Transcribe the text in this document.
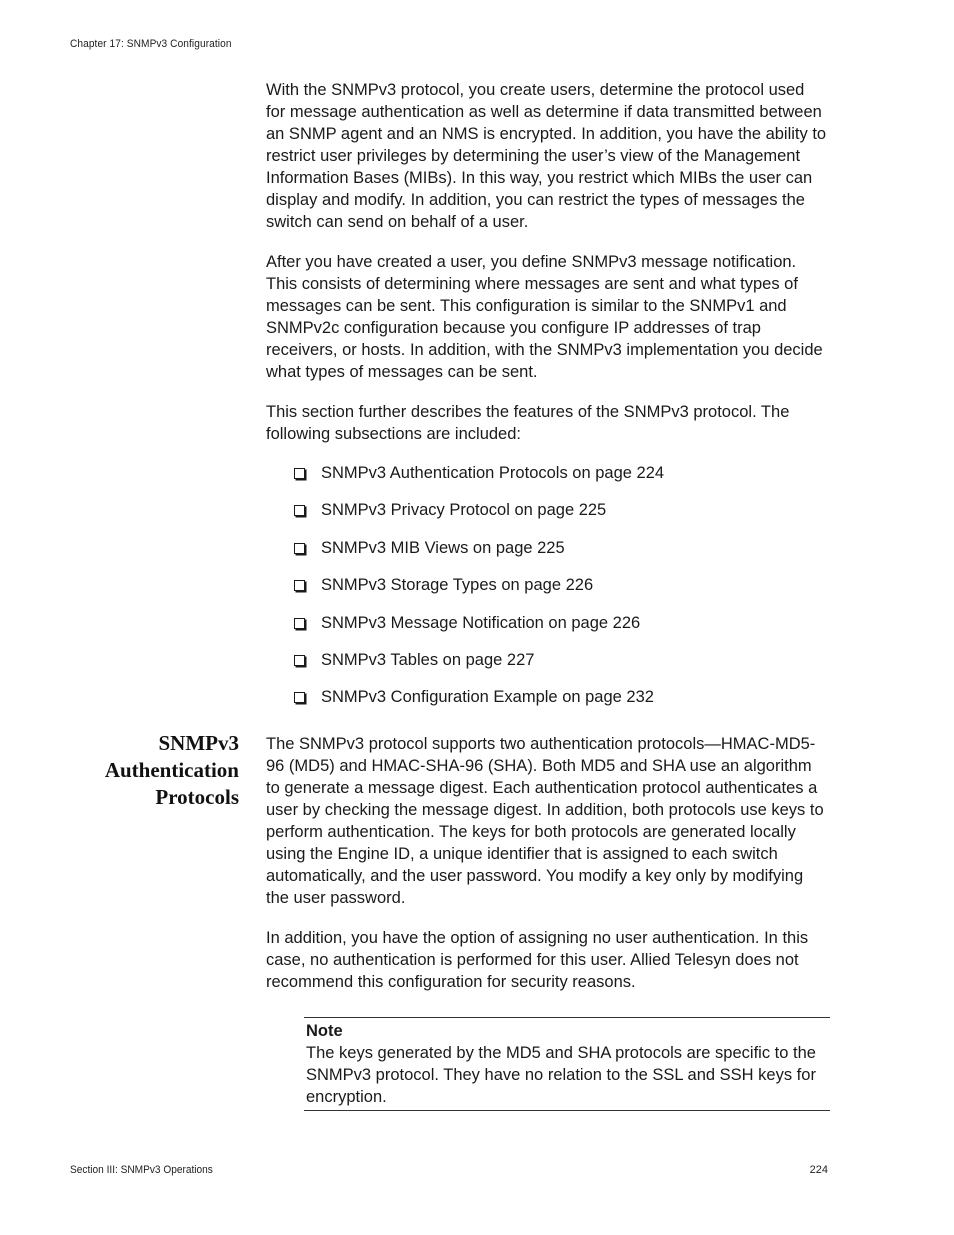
Chapter 17: SNMPv3 Configuration

With the SNMPv3 protocol, you create users, determine the protocol used for message authentication as well as determine if data transmitted between an SNMP agent and an NMS is encrypted. In addition, you have the ability to restrict user privileges by determining the user’s view of the Management Information Bases (MIBs). In this way, you restrict which MIBs the user can display and modify. In addition, you can restrict the types of messages the switch can send on behalf of a user.

After you have created a user, you define SNMPv3 message notification. This consists of determining where messages are sent and what types of messages can be sent. This configuration is similar to the SNMPv1 and SNMPv2c configuration because you configure IP addresses of trap receivers, or hosts. In addition, with the SNMPv3 implementation you decide what types of messages can be sent.

This section further describes the features of the SNMPv3 protocol. The following subsections are included:

SNMPv3 Authentication Protocols on page 224
SNMPv3 Privacy Protocol on page 225
SNMPv3 MIB Views on page 225
SNMPv3 Storage Types on page 226
SNMPv3 Message Notification on page 226
SNMPv3 Tables on page 227
SNMPv3 Configuration Example on page 232
SNMPv3
Authentication
Protocols

The SNMPv3 protocol supports two authentication protocols—HMAC-MD5-96 (MD5) and HMAC-SHA-96 (SHA). Both MD5 and SHA use an algorithm to generate a message digest. Each authentication protocol authenticates a user by checking the message digest. In addition, both protocols use keys to perform authentication. The keys for both protocols are generated locally using the Engine ID, a unique identifier that is assigned to each switch automatically, and the user password. You modify a key only by modifying the user password.

In addition, you have the option of assigning no user authentication. In this case, no authentication is performed for this user. Allied Telesyn does not recommend this configuration for security reasons.

Note
The keys generated by the MD5 and SHA protocols are specific to the SNMPv3 protocol. They have no relation to the SSL and SSH keys for encryption.
Section III: SNMPv3 Operations	224
